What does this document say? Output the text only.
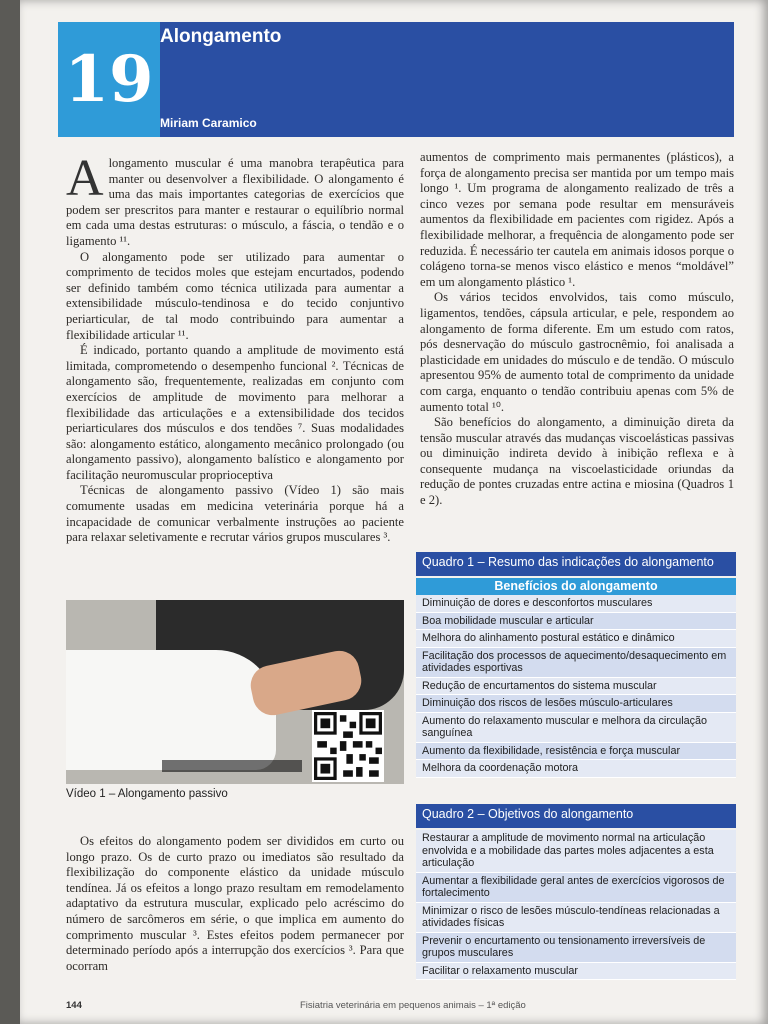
19
Alongamento
Miriam Caramico

Alongamento muscular é uma manobra terapêutica para manter ou desenvolver a flexibilidade. O alongamento é uma das mais importantes categorias de exercícios que podem ser prescritos para manter e restaurar o equilíbrio normal em cada uma destas estruturas: o músculo, a fáscia, o tendão e o ligamento ¹¹.

O alongamento pode ser utilizado para aumentar o comprimento de tecidos moles que estejam encurtados, podendo ser definido também como técnica utilizada para aumentar a extensibilidade músculo-tendinosa e do tecido conjuntivo periarticular, de tal modo contribuindo para aumentar a flexibilidade articular ¹¹.

É indicado, portanto quando a amplitude de movimento está limitada, comprometendo o desempenho funcional ². Técnicas de alongamento são, frequentemente, realizadas em conjunto com exercícios de amplitude de movimento para melhorar a flexibilidade das articulações e a extensibilidade dos tecidos periarticulares dos músculos e dos tendões ⁷. Suas modalidades são: alongamento estático, alongamento mecânico prolongado (ou alongamento passivo), alongamento balístico e alongamento por facilitação neuromuscular proprioceptiva

Técnicas de alongamento passivo (Vídeo 1) são mais comumente usadas em medicina veterinária porque há a incapacidade de comunicar verbalmente instruções ao paciente para relaxar seletivamente e recrutar vários grupos musculares ³.

Vídeo 1 – Alongamento passivo

Os efeitos do alongamento podem ser divididos em curto ou longo prazo. Os de curto prazo ou imediatos são resultado da flexibilização do componente elástico da unidade músculo tendínea. Já os efeitos a longo prazo resultam em remodelamento adaptativo da estrutura muscular, explicado pelo acréscimo do número de sarcômeros em série, o que implica em aumento do comprimento muscular ³. Estes efeitos podem permanecer por determinado período após a interrupção dos exercícios ³. Para que ocorram

aumentos de comprimento mais permanentes (plásticos), a força de alongamento precisa ser mantida por um tempo mais longo ¹. Um programa de alongamento realizado de três a cinco vezes por semana pode resultar em mensuráveis aumentos da flexibilidade em pacientes com rigidez. Após a flexibilidade melhorar, a frequência de alongamento pode ser reduzida. É necessário ter cautela em animais idosos porque o colágeno torna-se menos visco elástico e menos “moldável” em um alongamento plástico ¹.

Os vários tecidos envolvidos, tais como músculo, ligamentos, tendões, cápsula articular, e pele, respondem ao alongamento de forma diferente. Em um estudo com ratos, pós desnervação do músculo gastrocnêmio, foi analisada a plasticidade em unidades do músculo e de tendão. O músculo apresentou 95% de aumento total de comprimento da unidade com carga, enquanto o tendão contribuiu apenas com 5% de aumento total ¹⁰.

São benefícios do alongamento, a diminuição direta da tensão muscular através das mudanças viscoelásticas passivas ou diminuição indireta devido à inibição reflexa e à consequente mudança na viscoelasticidade oriundas da redução de pontes cruzadas entre actina e miosina (Quadros 1 e 2).

Quadro 1 – Resumo das indicações do alongamento
Benefícios do alongamento
Diminuição de dores e desconfortos musculares
Boa mobilidade muscular e articular
Melhora do alinhamento postural estático e dinâmico
Facilitação dos processos de aquecimento/desaquecimento em atividades esportivas
Redução de encurtamentos do sistema muscular
Diminuição dos riscos de lesões músculo-articulares
Aumento do relaxamento muscular e melhora da circulação sanguínea
Aumento da flexibilidade, resistência e força muscular
Melhora da coordenação motora
Quadro 2 – Objetivos do alongamento
Restaurar a amplitude de movimento normal na articulação envolvida e a mobilidade das partes moles adjacentes a esta articulação
Aumentar a flexibilidade geral antes de exercícios vigorosos de fortalecimento
Minimizar o risco de lesões músculo-tendíneas relacionadas a atividades físicas
Prevenir o encurtamento ou tensionamento irreversíveis de grupos musculares
Facilitar o relaxamento muscular
144	Fisiatria veterinária em pequenos animais – 1ª edição
